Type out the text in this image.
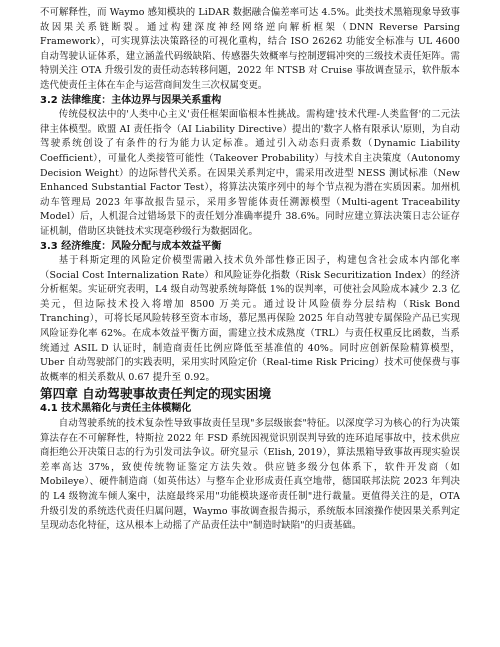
不可解释性，而 Waymo 感知模块的 LiDAR 数据融合偏差率可达 4.5%。此类技术黑箱现象导致事故因果关系链断裂。通过构建深度神经网络逆向解析框架（DNN Reverse Parsing Framework），可实现算法决策路径的可视化重构，结合 ISO 26262 功能安全标准与 UL 4600 自动驾驶认证体系，建立涵盖代码级缺陷、传感器失效概率与控制逻辑冲突的三级技术责任矩阵。需特别关注 OTA 升级引发的责任动态转移问题，2022 年 NTSB 对 Cruise 事故调查显示，软件版本迭代使责任主体在车企与运营商间发生三次权属变更。

3.2 法律维度：主体边界与因果关系重构

传统侵权法中的'人类中心主义'责任框架面临根本性挑战。需构建'技术代理-人类监督'的二元法律主体模型。欧盟 AI 责任指令（AI Liability Directive）提出的'数字人格有限承认'原则，为自动驾驶系统创设了有条件的行为能力认定标准。通过引入动态归责系数（Dynamic Liability Coefficient），可量化人类接管可能性（Takeover Probability）与技术自主决策度（Autonomy Decision Weight）的边际替代关系。在因果关系判定中，需采用改进型 NESS 测试标准（New Enhanced Substantial Factor Test），将算法决策序列中的每个节点视为潜在实质因素。加州机动车管理局 2023 年事故报告显示，采用多智能体责任溯源模型（Multi-agent Traceability Model）后，人机混合过错场景下的责任划分准确率提升 38.6%。同时应建立算法决策日志公证存证机制，借助区块链技术实现毫秒级行为数据固化。

3.3 经济维度：风险分配与成本效益平衡

基于科斯定理的风险定价模型需融入技术负外部性修正因子，构建包含社会成本内部化率（Social Cost Internalization Rate）和风险证券化指数（Risk Securitization Index）的经济分析框架。实证研究表明，L4 级自动驾驶系统每降低 1%的误判率，可使社会风险成本减少 2.3 亿美元，但边际技术投入将增加 8500 万美元。通过设计风险债券分层结构（Risk Bond Tranching），可将长尾风险转移至资本市场，慕尼黑再保险 2025 年自动驾驶专属保险产品已实现风险证券化率 62%。在成本效益平衡方面，需建立技术成熟度（TRL）与责任权重反比函数，当系统通过 ASIL D 认证时，制造商责任比例应降低至基准值的 40%。同时应创新保险精算模型，Uber 自动驾驶部门的实践表明，采用实时风险定价（Real-time Risk Pricing）技术可使保费与事故概率的相关系数从 0.67 提升至 0.92。

第四章 自动驾驶事故责任判定的现实困境

4.1 技术黑箱化与责任主体模糊化

自动驾驶系统的技术复杂性导致事故责任呈现"多层级嵌套"特征。以深度学习为核心的行为决策算法存在不可解释性，特斯拉 2022 年 FSD 系统因视觉识别误判导致的连环追尾事故中，技术供应商拒绝公开决策日志的行为引发司法争议。研究显示（Elish, 2019），算法黑箱导致事故再现实验误差率高达 37%，致使传统物证鉴定方法失效。供应链多级分包体系下，软件开发商（如 Mobileye）、硬件制造商（如英伟达）与整车企业形成责任真空地带，德国联邦法院 2023 年判决的 L4 级物流车倾人案中，法庭最终采用"功能模块逐帝责任制"进行裁量。更值得关注的是，OTA 升级引发的系统迭代责任归属问题，Waymo 事故调查报告揭示，系统版本回滚操作使因果关系判定呈现动态化特征，这从根本上动摇了产品责任法中"制造时缺陷"的归责基础。
